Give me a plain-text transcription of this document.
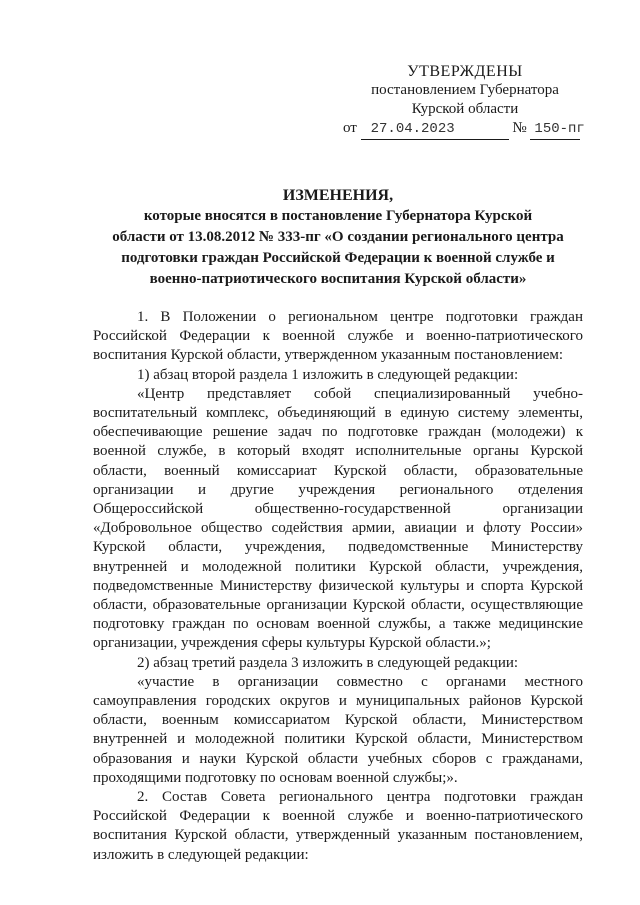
УТВЕРЖДЕНЫ
постановлением Губернатора
Курской области
от 27.04.2023	№ 150-пг
ИЗМЕНЕНИЯ,
которые вносятся в постановление Губернатора Курской
области от 13.08.2012 № 333-пг «О создании регионального центра
подготовки граждан Российской Федерации к военной службе и
военно-патриотического воспитания Курской области»

1. В Положении о региональном центре подготовки граждан Российской Федерации к военной службе и военно-патриотического воспитания Курской области, утвержденном указанным постановлением:

1) абзац второй раздела 1 изложить в следующей редакции:

«Центр представляет собой специализированный учебно-воспитательный комплекс, объединяющий в единую систему элементы, обеспечивающие решение задач по подготовке граждан (молодежи) к военной службе, в который входят исполнительные органы Курской области, военный комиссариат Курской области, образовательные организации и другие учреждения регионального отделения Общероссийской общественно-государственной организации «Добровольное общество содействия армии, авиации и флоту России» Курской области, учреждения, подведомственные Министерству внутренней и молодежной политики Курской области, учреждения, подведомственные Министерству физической культуры и спорта Курской области, образовательные организации Курской области, осуществляющие подготовку граждан по основам военной службы, а также медицинские организации, учреждения сферы культуры Курской области.»;

2) абзац третий раздела 3 изложить в следующей редакции:

«участие в организации совместно с органами местного самоуправления городских округов и муниципальных районов Курской области, военным комиссариатом Курской области, Министерством внутренней и молодежной политики Курской области, Министерством образования и науки Курской области учебных сборов с гражданами, проходящими подготовку по основам военной службы;».

2. Состав Совета регионального центра подготовки граждан Российской Федерации к военной службе и военно-патриотического воспитания Курской области, утвержденный указанным постановлением, изложить в следующей редакции:
